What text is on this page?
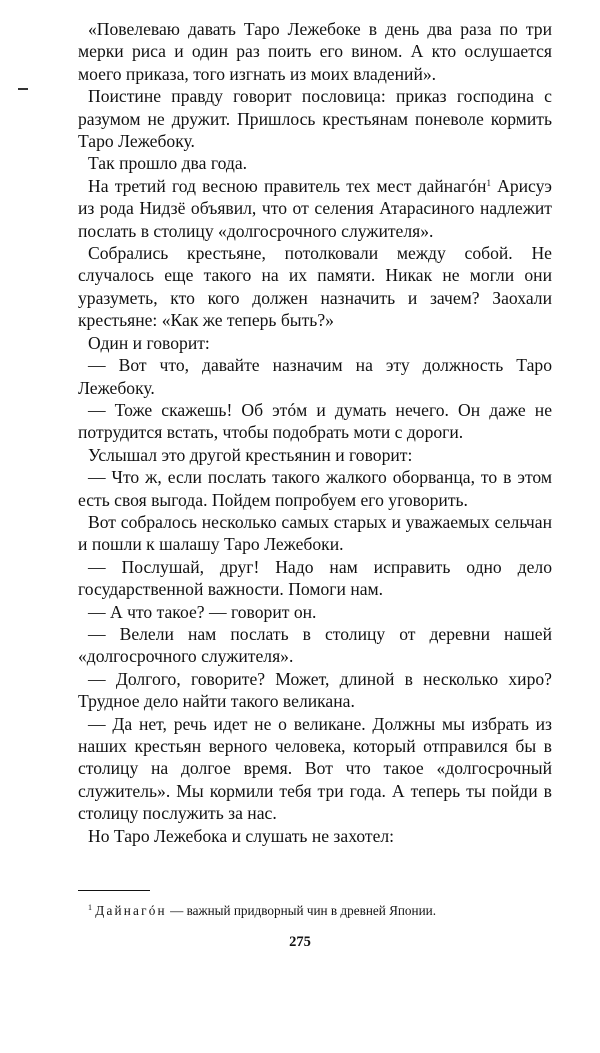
«Повелеваю давать Таро Лежебоке в день два раза по три мерки риса и один раз поить его вином. А кто ослушается моего приказа, того изгнать из моих владений».

Поистине правду говорит пословица: приказ господина с разумом не дружит. Пришлось крестьянам поневоле кормить Таро Лежебоку.

Так прошло два года.

На третий год весною правитель тех мест дайнагóн$^1$ Арисуэ из рода Нидзё объявил, что от селения Атарасиного надлежит послать в столицу «долгосрочного служителя».

Собрались крестьяне, потолковали между собой. Не случалось еще такого на их памяти. Никак не могли они уразуметь, кто кого должен назначить и зачем? Заохали крестьяне: «Как же теперь быть?»

Один и говорит:

— Вот что, давайте назначим на эту должность Таро Лежебоку.

— Тоже скажешь! Об этóм и думать нечего. Он даже не потрудится встать, чтобы подобрать моти с дороги.

Услышал это другой крестьянин и говорит:

— Что ж, если послать такого жалкого оборванца, то в этом есть своя выгода. Пойдем попробуем его уговорить.

Вот собралось несколько самых старых и уважаемых сельчан и пошли к шалашу Таро Лежебоки.

— Послушай, друг! Надо нам исправить одно дело государственной важности. Помоги нам.

— А что такое? — говорит он.

— Велели нам послать в столицу от деревни нашей «долгосрочного служителя».

— Долгого, говорите? Может, длиной в несколько хиро? Трудное дело найти такого великана.

— Да нет, речь идет не о великане. Должны мы избрать из наших крестьян верного человека, который отправился бы в столицу на долгое время. Вот что такое «долгосрочный служитель». Мы кормили тебя три года. А теперь ты пойди в столицу послужить за нас.

Но Таро Лежебока и слушать не захотел:

$^1$ Дайнагóн — важный придворный чин в древней Японии.
275
